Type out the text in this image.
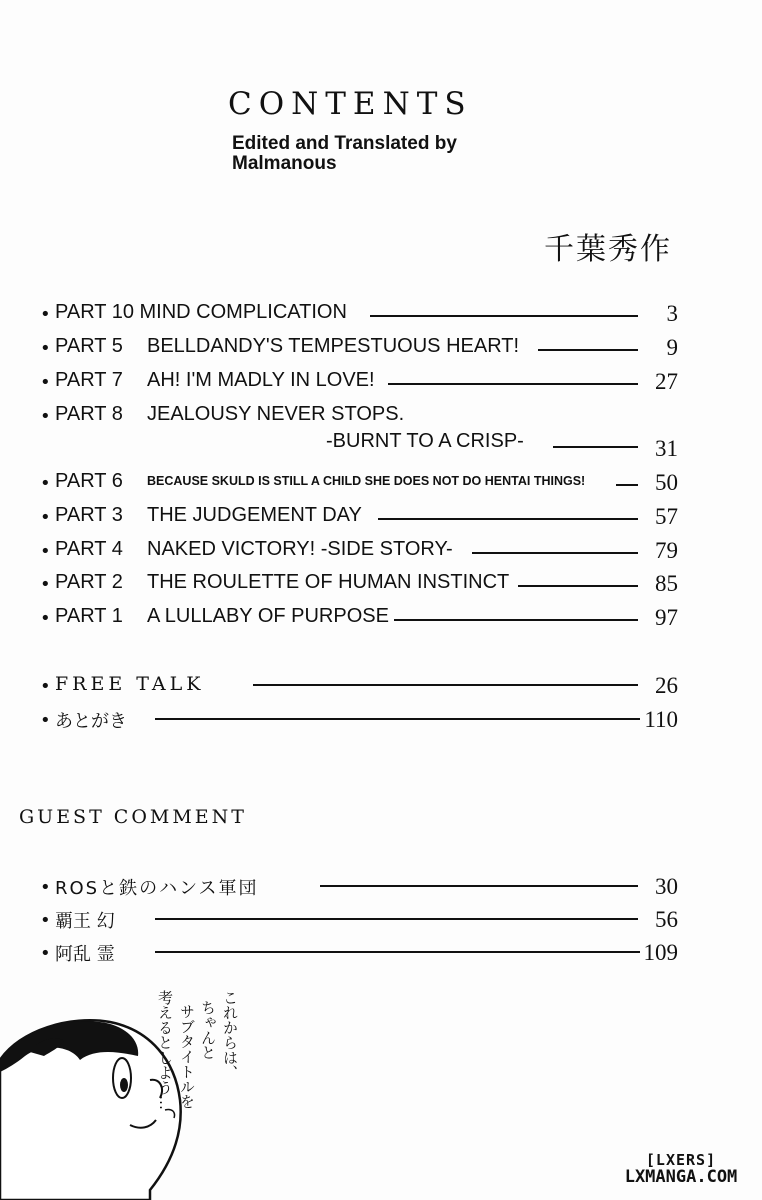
CONTENTS
Edited and Translated by
Malmanous
千葉秀作
• PART 10 MIND COMPLICATION	3
• PART 5 BELLDANDY'S TEMPESTUOUS HEART!	9
• PART 7 AH! I'M MADLY IN LOVE!	27
• PART 8 JEALOUSY NEVER STOPS.
-BURNT TO A CRISP-	31
• PART 6 BECAUSE SKULD IS STILL A CHILD SHE DOES NOT DO HENTAI THINGS!	50
• PART 3 THE JUDGEMENT DAY	57
• PART 4 NAKED VICTORY! -SIDE STORY-	79
• PART 2 THE ROULETTE OF HUMAN INSTINCT	85
• PART 1 A LULLABY OF PURPOSE	97
• FREE TALK	26
• あとがき	110
GUEST COMMENT
• ROSと鉄のハンス軍団	30
• 覇王 幻	56
• 阿乱 霊	109
これからは、
ちゃんと
サブタイトルを
考えるとしよう…
[LXERS]
LXMANGA.COM
